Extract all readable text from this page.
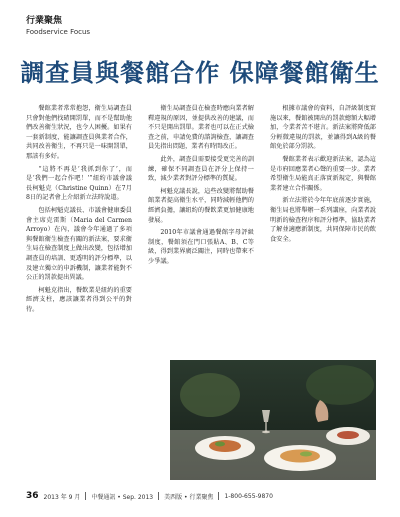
行業聚焦
Foodservice Focus
調查員與餐館合作 保障餐館衛生

餐館業者常常抱怨，衛生局調查員只會對他們找碴開罰單，而不是幫助他們改善衛生狀況，也令人困擾。如果有一套新制度，能讓調查員與業者合作，共同改善衛生，不再只是一味開罰單，那該有多好。

“這將不再是‘我抓到你了’，而是‘我們一起合作吧！’”紐約市議會議長柯魁克（Christine Quinn）在7月8日的記者會上介紹新立法時說道。

包括柯魁克議長、市議會健康委員會主席克雷斯（Maria del Carmen Arroyo）在內，議會今年通過了多項與餐館衛生檢查有關的新法案，要求衛生局在檢查制度上做出改變，包括增加調查員的培訓、更透明的評分標準，以及建立獨立的申訴機制，讓業者能對不公正的罰款提出異議。

柯魁克指出，餐飲業是紐約的重要經濟支柱，應該讓業者得到公平的對待。

衛生局調查員在檢查時應向業者解釋違規的原因，並提供改善的建議，而不只是開出罰單。業者也可以在正式檢查之前，申請免費的諮詢檢查，讓調查員先指出問題，業者有時間改正。

此外，調查員需要接受更完善的訓練，確保不同調查員在評分上保持一致，減少業者對評分標準的質疑。

柯魁克議長說，這些改變將幫助餐館業者提高衛生水平，同時減輕他們的經濟負擔，讓紐約的餐飲業更加健康地發展。

2010年市議會通過餐館字母評級制度，餐館須在門口張貼A、B、C等級，得到業界廣泛關注，同時也帶來不少爭議。

根據市議會的資料，自評級制度實施以來，餐館被開出的罰款總額大幅增加，令業者苦不堪言。新法案將降低部分輕微違規的罰款，並讓得到A級的餐館免於部分罰款。

餐館業者表示歡迎新法案，認為這是市府回應業者心聲的重要一步。業者希望衛生局能真正落實新規定，與餐館業者建立合作關係。

新立法將於今年年底前逐步實施，衛生局也將舉辦一系列講座，向業者說明新的檢查程序和評分標準，協助業者了解並適應新制度，共同保障市民的飲食安全。

36 2013 年 9 月 中餐通訊 • Sep. 2013 美西版 • 行業聚焦 1-800-655-9870
